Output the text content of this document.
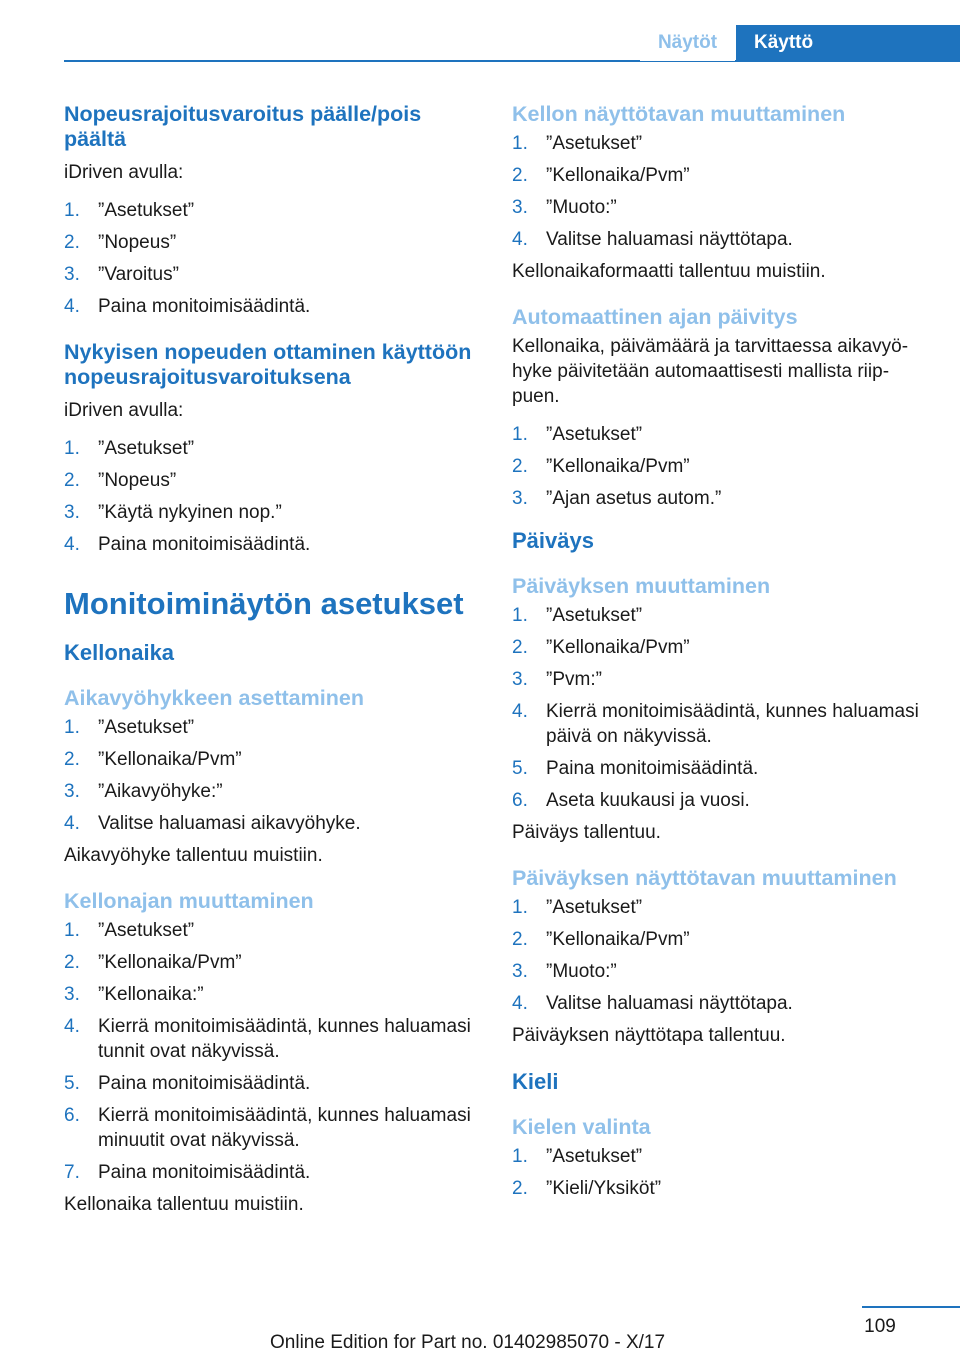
Näytöt	Käyttö
Nopeusrajoitusvaroitus päälle/pois päältä
iDriven avulla:
1. ”Asetukset”
2. ”Nopeus”
3. ”Varoitus”
4. Paina monitoimisäädintä.
Nykyisen nopeuden ottaminen käyttöön nopeusrajoitusvaroituksena
iDriven avulla:
1. ”Asetukset”
2. ”Nopeus”
3. ”Käytä nykyinen nop.”
4. Paina monitoimisäädintä.
Monitoiminäytön asetukset
Kellonaika
Aikavyöhykkeen asettaminen
1. ”Asetukset”
2. ”Kellonaika/Pvm”
3. ”Aikavyöhyke:”
4. Valitse haluamasi aikavyöhyke.
Aikavyöhyke tallentuu muistiin.
Kellonajan muuttaminen
1. ”Asetukset”
2. ”Kellonaika/Pvm”
3. ”Kellonaika:”
4. Kierrä monitoimisäädintä, kunnes haluamasi tunnit ovat näkyvissä.
5. Paina monitoimisäädintä.
6. Kierrä monitoimisäädintä, kunnes haluamasi minuutit ovat näkyvissä.
7. Paina monitoimisäädintä.
Kellonaika tallentuu muistiin.
Kellon näyttötavan muuttaminen
1. ”Asetukset”
2. ”Kellonaika/Pvm”
3. ”Muoto:”
4. Valitse haluamasi näyttötapa.
Kellonaikaformaatti tallentuu muistiin.
Automaattinen ajan päivitys
Kellonaika, päivämäärä ja tarvittaessa aikavyöhyke päivitetään automaattisesti mallista riippuen.
1. ”Asetukset”
2. ”Kellonaika/Pvm”
3. ”Ajan asetus autom.”
Päiväys
Päiväyksen muuttaminen
1. ”Asetukset”
2. ”Kellonaika/Pvm”
3. ”Pvm:”
4. Kierrä monitoimisäädintä, kunnes haluamasi päivä on näkyvissä.
5. Paina monitoimisäädintä.
6. Aseta kuukausi ja vuosi.
Päiväys tallentuu.
Päiväyksen näyttötavan muuttaminen
1. ”Asetukset”
2. ”Kellonaika/Pvm”
3. ”Muoto:”
4. Valitse haluamasi näyttötapa.
Päiväyksen näyttötapa tallentuu.
Kieli
Kielen valinta
1. ”Asetukset”
2. ”Kieli/Yksiköt”
109
Online Edition for Part no. 01402985070 - X/17
